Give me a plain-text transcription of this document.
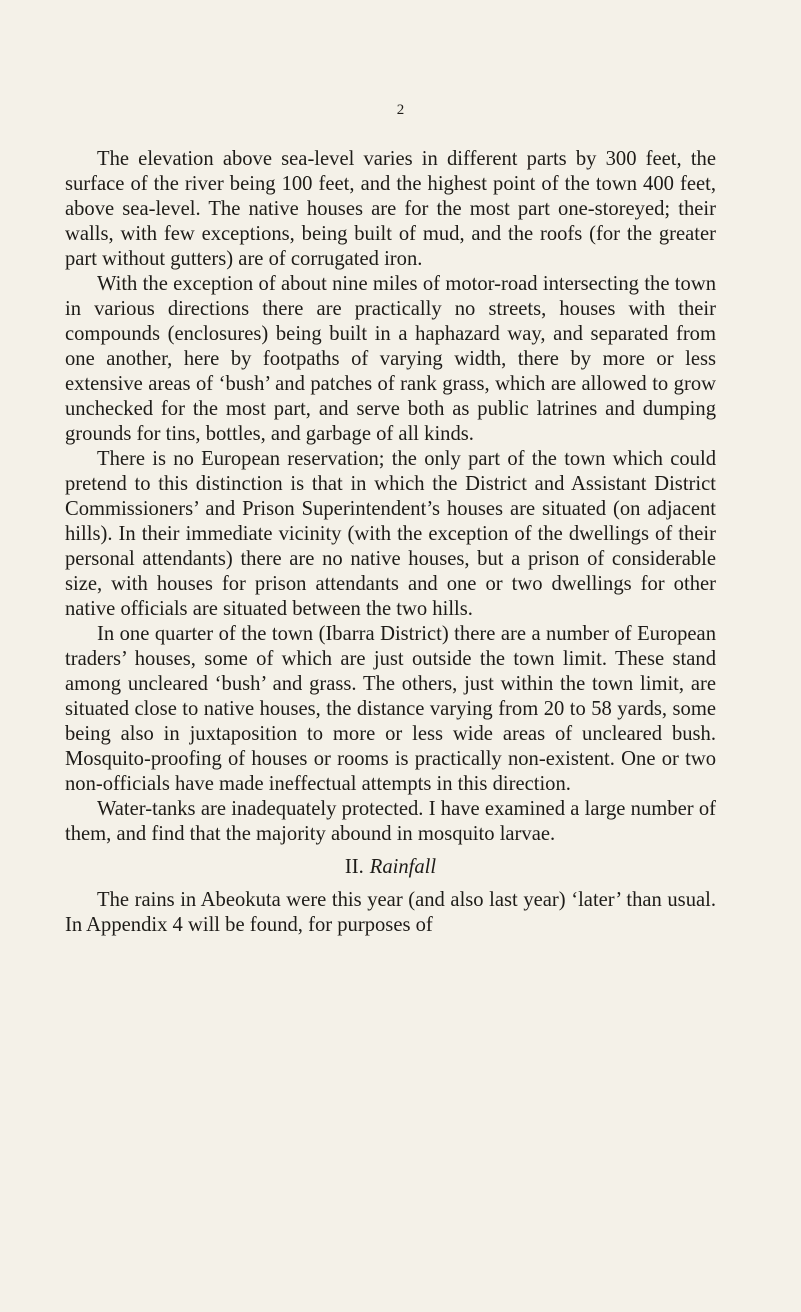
2

The elevation above sea-level varies in different parts by 300 feet, the surface of the river being 100 feet, and the highest point of the town 400 feet, above sea-level. The native houses are for the most part one-storeyed; their walls, with few exceptions, being built of mud, and the roofs (for the greater part without gutters) are of corrugated iron.

With the exception of about nine miles of motor-road intersecting the town in various directions there are practically no streets, houses with their compounds (enclosures) being built in a haphazard way, and separated from one another, here by footpaths of varying width, there by more or less extensive areas of ‘bush’ and patches of rank grass, which are allowed to grow unchecked for the most part, and serve both as public latrines and dumping grounds for tins, bottles, and garbage of all kinds.

There is no European reservation; the only part of the town which could pretend to this distinction is that in which the District and Assistant District Commissioners’ and Prison Superintendent’s houses are situated (on adjacent hills). In their immediate vicinity (with the exception of the dwellings of their personal attendants) there are no native houses, but a prison of considerable size, with houses for prison attendants and one or two dwellings for other native officials are situated between the two hills.

In one quarter of the town (Ibarra District) there are a number of European traders’ houses, some of which are just outside the town limit. These stand among uncleared ‘bush’ and grass. The others, just within the town limit, are situated close to native houses, the distance varying from 20 to 58 yards, some being also in juxtaposition to more or less wide areas of uncleared bush. Mosquito-proofing of houses or rooms is practically non-existent. One or two non-officials have made ineffectual attempts in this direction.

Water-tanks are inadequately protected. I have examined a large number of them, and find that the majority abound in mosquito larvae.

II. Rainfall

The rains in Abeokuta were this year (and also last year) ‘later’ than usual. In Appendix 4 will be found, for purposes of
